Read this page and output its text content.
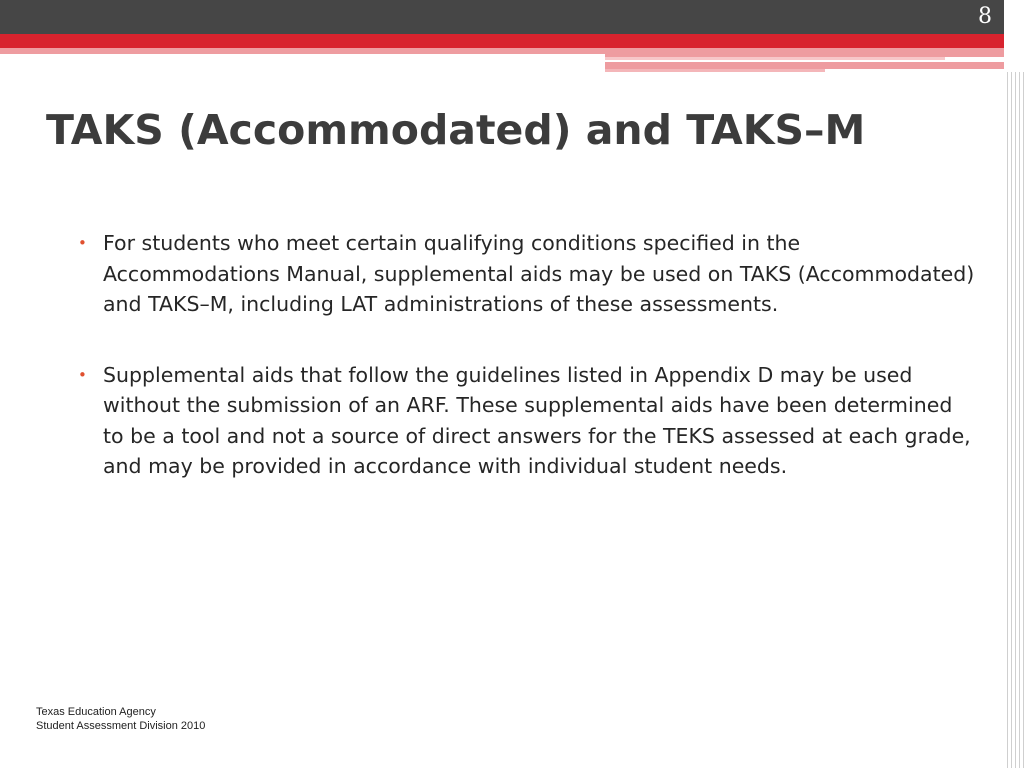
8
TAKS (Accommodated) and TAKS–M
• For students who meet certain qualifying conditions specified in the Accommodations Manual, supplemental aids may be used on TAKS (Accommodated) and TAKS–M, including LAT administrations of these assessments.
• Supplemental aids that follow the guidelines listed in Appendix D may be used without the submission of an ARF. These supplemental aids have been determined to be a tool and not a source of direct answers for the TEKS assessed at each grade, and may be provided in accordance with individual student needs.
Texas Education Agency
Student Assessment Division 2010
